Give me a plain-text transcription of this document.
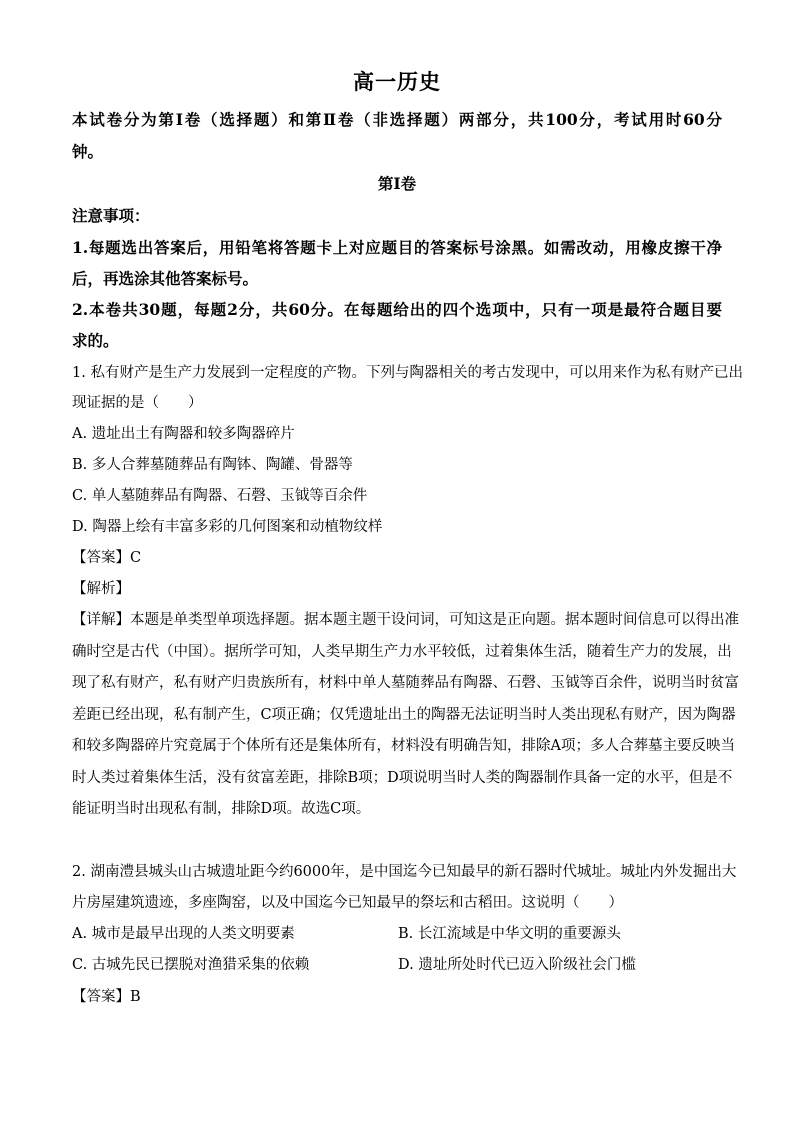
高一历史
本试卷分为第Ⅰ卷（选择题）和第Ⅱ卷（非选择题）两部分，共100分，考试用时60分
钟。
第Ⅰ卷
注意事项：
1.每题选出答案后，用铅笔将答题卡上对应题目的答案标号涂黑。如需改动，用橡皮擦干净
后，再选涂其他答案标号。
2.本卷共30题，每题2分，共60分。在每题给出的四个选项中，只有一项是最符合题目要
求的。
1. 私有财产是生产力发展到一定程度的产物。下列与陶器相关的考古发现中，可以用来作为私有财产已出
现证据的是（　　）
A. 遗址出土有陶器和较多陶器碎片
B. 多人合葬墓随葬品有陶钵、陶罐、骨器等
C. 单人墓随葬品有陶器、石磬、玉钺等百余件
D. 陶器上绘有丰富多彩的几何图案和动植物纹样
【答案】C
【解析】
【详解】本题是单类型单项选择题。据本题主题干设问词，可知这是正向题。据本题时间信息可以得出准
确时空是古代（中国）。据所学可知，人类早期生产力水平较低，过着集体生活，随着生产力的发展，出
现了私有财产，私有财产归贵族所有，材料中单人墓随葬品有陶器、石磬、玉钺等百余件，说明当时贫富
差距已经出现，私有制产生，C项正确；仅凭遗址出土的陶器无法证明当时人类出现私有财产，因为陶器
和较多陶器碎片究竟属于个体所有还是集体所有，材料没有明确告知，排除A项；多人合葬墓主要反映当
时人类过着集体生活，没有贫富差距，排除B项；D项说明当时人类的陶器制作具备一定的水平，但是不
能证明当时出现私有制，排除D项。故选C项。
2. 湖南澧县城头山古城遗址距今约6000年，是中国迄今已知最早的新石器时代城址。城址内外发掘出大
片房屋建筑遗迹，多座陶窑，以及中国迄今已知最早的祭坛和古稻田。这说明（　　）
A. 城市是最早出现的人类文明要素	B. 长江流域是中华文明的重要源头
C. 古城先民已摆脱对渔猎采集的依赖	D. 遗址所处时代已迈入阶级社会门槛
【答案】B
